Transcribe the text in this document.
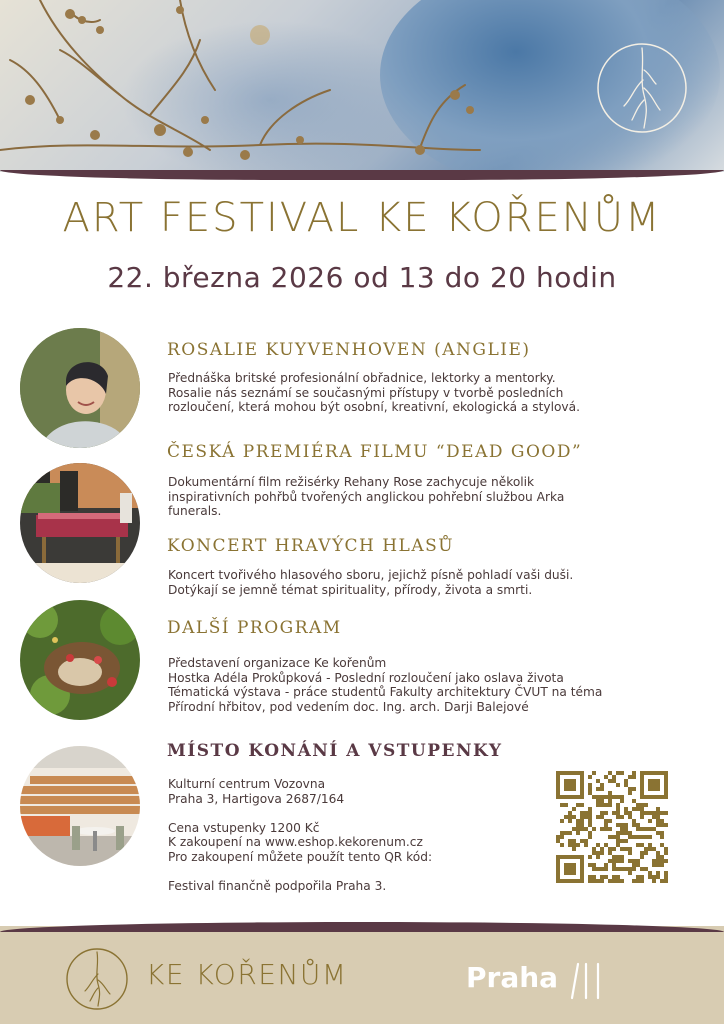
ART FESTIVAL KE KOŘENŮM
22. března 2026 od 13 do 20 hodin
ROSALIE KUYVENHOVEN (ANGLIE)
Přednáška britské profesionální obřadnice, lektorky a mentorky.
Rosalie nás seznámí se současnými přístupy v tvorbě posledních
rozloučení, která mohou být osobní, kreativní, ekologická a stylová.
ČESKÁ PREMIÉRA FILMU “DEAD GOOD”
Dokumentární film režisérky Rehany Rose zachycuje několik
inspirativních pohřbů tvořených anglickou pohřební službou Arka
funerals.
KONCERT HRAVÝCH HLASŮ
Koncert tvořivého hlasového sboru, jejichž písně pohladí vaši duši.
Dotýkají se jemně témat spirituality, přírody, života a smrti.
DALŠÍ PROGRAM
Představení organizace Ke kořenům
Hostka Adéla Prokůpková - Poslední rozloučení jako oslava života
Tématická výstava - práce studentů Fakulty architektury ČVUT na téma
Přírodní hřbitov, pod vedením doc. Ing. arch. Darji Balejové
MÍSTO KONÁNÍ A VSTUPENKY
Kulturní centrum Vozovna
Praha 3, Hartigova 2687/164
Cena vstupenky 1200 Kč
K zakoupení na www.eshop.kekorenum.cz
Pro zakoupení můžete použít tento QR kód:
Festival finančně podpořila Praha 3.
KE KOŘENŮM	Praha
